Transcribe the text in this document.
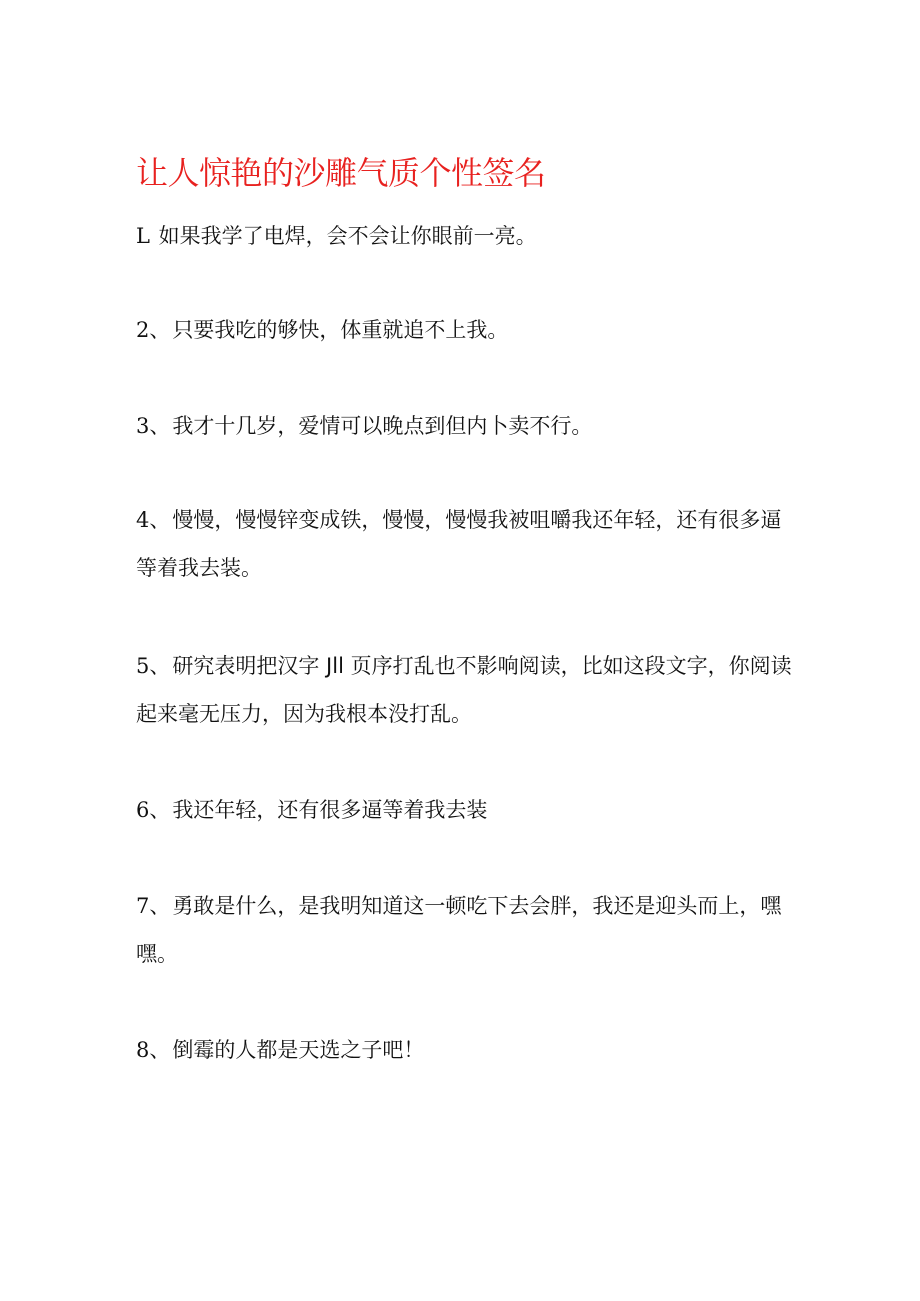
让人惊艳的沙雕气质个性签名
L 如果我学了电焊，会不会让你眼前一亮。
2、只要我吃的够快，体重就追不上我。
3、我才十几岁，爱情可以晚点到但内卜卖不行。
4、慢慢，慢慢锌变成铁，慢慢，慢慢我被咀嚼我还年轻，还有很多逼等着我去装。
5、研究表明把汉字 Jll 页序打乱也不影响阅读，比如这段文字，你阅读起来毫无压力，因为我根本没打乱。
6、我还年轻，还有很多逼等着我去装
7、勇敢是什么，是我明知道这一顿吃下去会胖，我还是迎头而上，嘿嘿。
8、倒霉的人都是天选之子吧！
